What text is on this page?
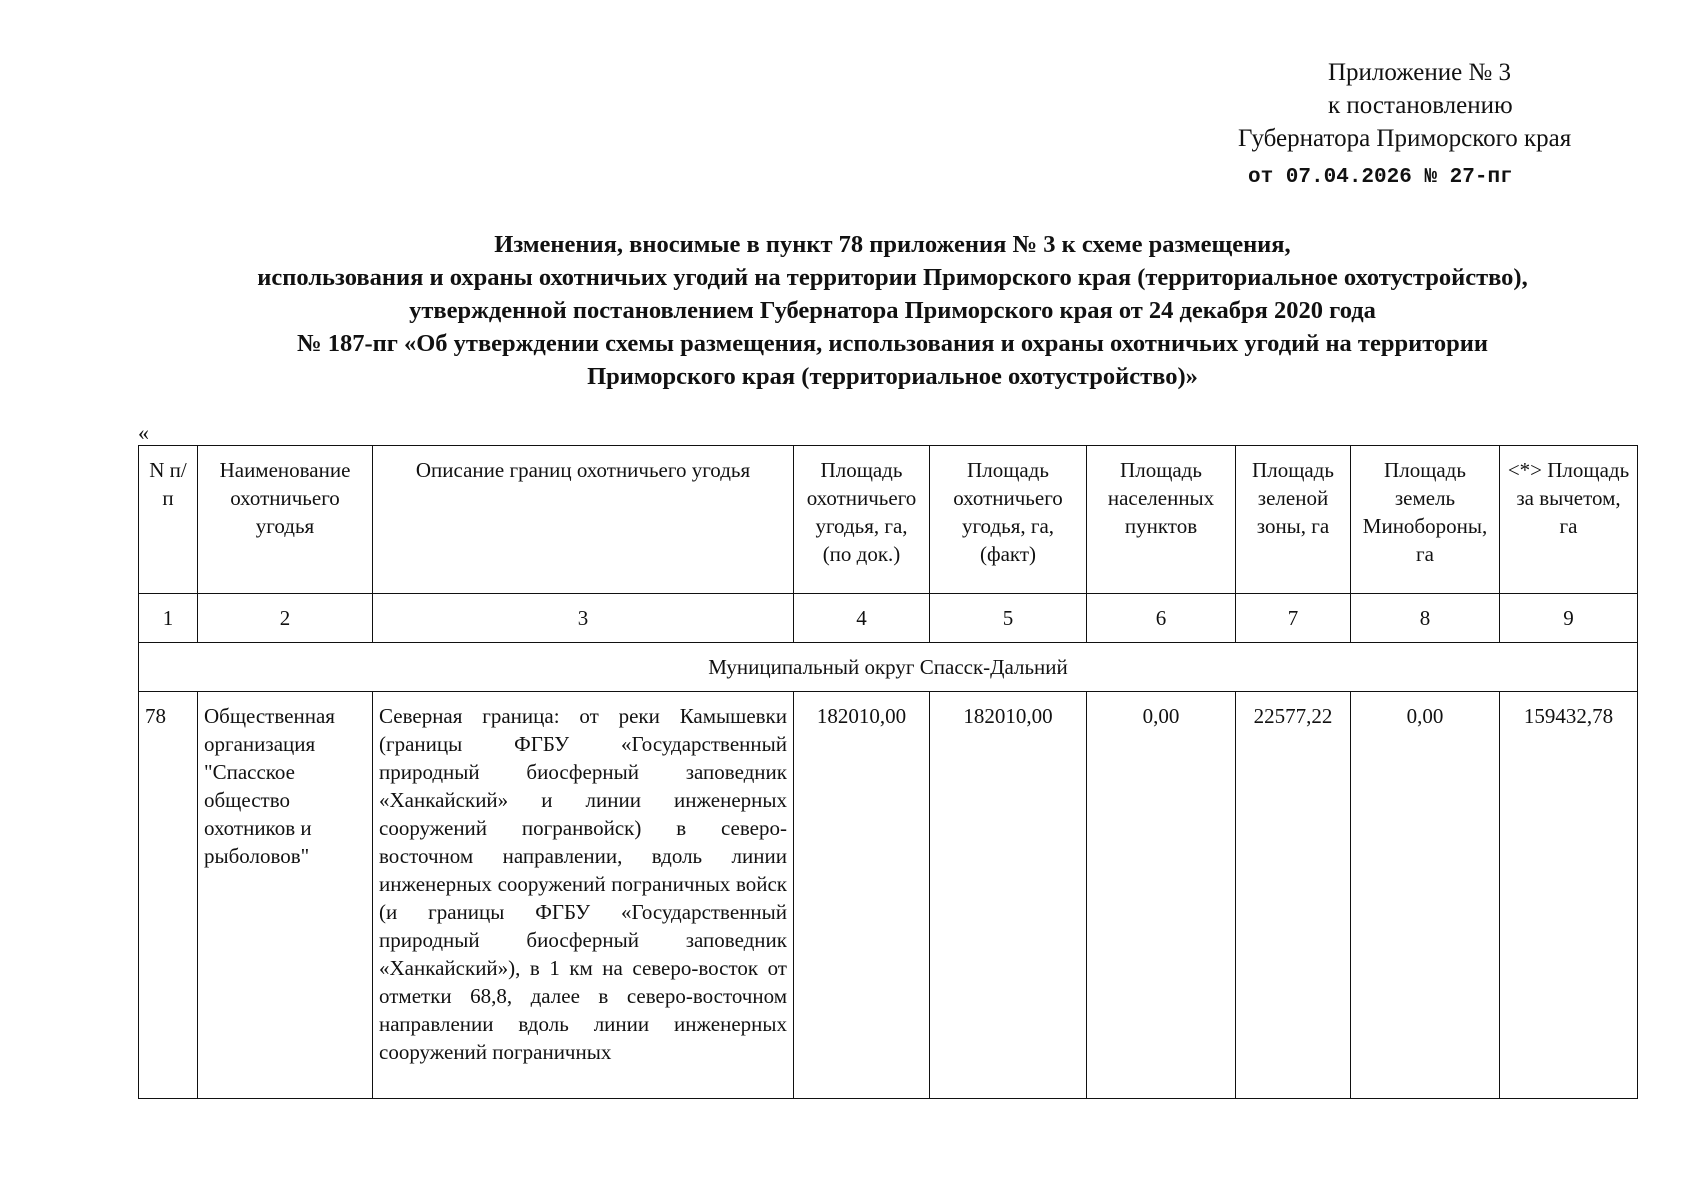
Приложение № 3
к постановлению
Губернатора Приморского края
от 07.04.2026 № 27-пг
Изменения, вносимые в пункт 78 приложения № 3 к схеме размещения,
использования и охраны охотничьих угодий на территории Приморского края (территориальное охотустройство),
утвержденной постановлением Губернатора Приморского края от 24 декабря 2020 года
№ 187-пг «Об утверждении схемы размещения, использования и охраны охотничьих угодий на территории
Приморского края (территориальное охотустройство)»
«
N п/п	Наименование охотничьего угодья	Описание границ охотничьего угодья	Площадь охотничьего угодья, га, (по док.)	Площадь охотничьего угодья, га, (факт)	Площадь населенных пунктов	Площадь зеленой зоны, га	Площадь земель Минобороны, га	<*> Площадь за вычетом, га
1	2	3	4	5	6	7	8	9
Муниципальный округ Спасск-Дальний								
78	Общественная организация "Спасское общество охотников и рыболовов"	Северная граница: от реки Камышевки (границы ФГБУ «Государственный природный биосферный заповедник «Ханкайский» и линии инженерных сооружений погранвойск) в северо-восточном направлении, вдоль линии инженерных сооружений пограничных войск (и границы ФГБУ «Государственный природный биосферный заповедник «Ханкайский»), в 1 км на северо-восток от отметки 68,8, далее в северо-восточном направлении вдоль линии инженерных сооружений пограничных	182010,00	182010,00	0,00	22577,22	0,00	159432,78
